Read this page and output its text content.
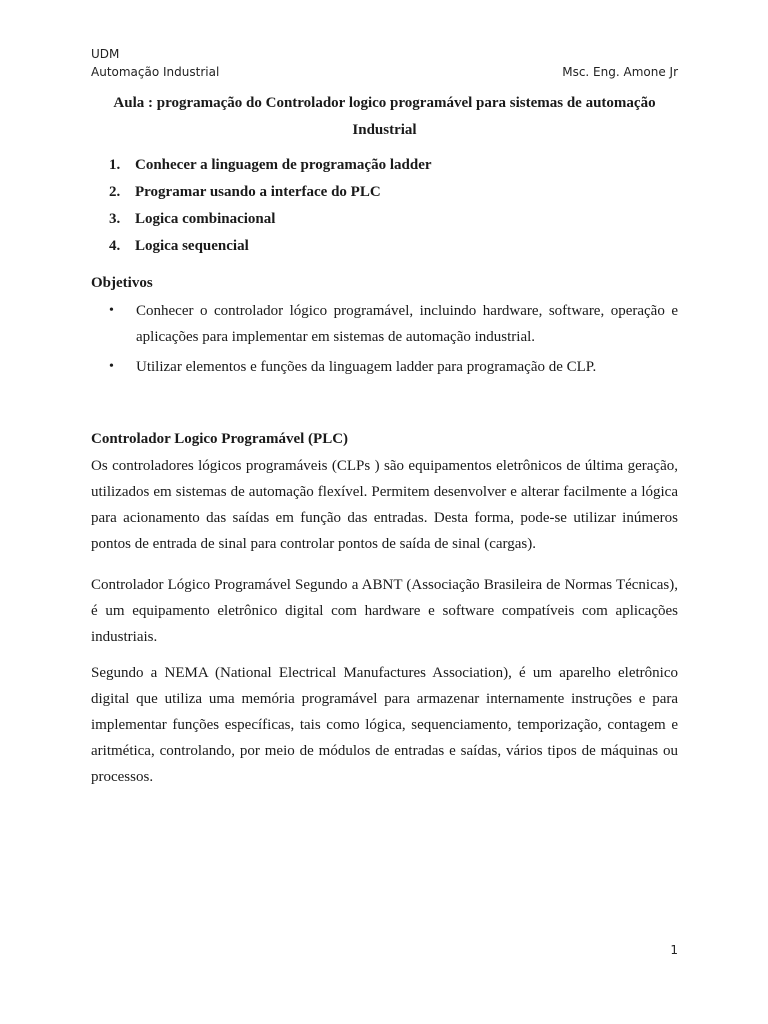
UDM
Automação Industrial	Msc. Eng. Amone Jr
Aula : programação do Controlador logico programável para sistemas de automação Industrial
1. Conhecer a linguagem de programação ladder
2. Programar usando a interface do PLC
3. Logica combinacional
4. Logica sequencial
Objetivos
•	Conhecer o controlador lógico programável, incluindo hardware, software, operação e aplicações para implementar em sistemas de automação industrial.
•	Utilizar elementos e funções da linguagem ladder para programação de CLP.
Controlador Logico Programável (PLC)

Os controladores lógicos programáveis (CLPs ) são equipamentos eletrônicos de última geração, utilizados em sistemas de automação flexível. Permitem desenvolver e alterar facilmente a lógica para acionamento das saídas em função das entradas. Desta forma, pode-se utilizar inúmeros pontos de entrada de sinal para controlar pontos de saída de sinal (cargas).

Controlador Lógico Programável Segundo a ABNT (Associação Brasileira de Normas Técnicas), é um equipamento eletrônico digital com hardware e software compatíveis com aplicações industriais.

Segundo a NEMA (National Electrical Manufactures Association), é um aparelho eletrônico digital que utiliza uma memória programável para armazenar internamente instruções e para implementar funções específicas, tais como lógica, sequenciamento, temporização, contagem e aritmética, controlando, por meio de módulos de entradas e saídas, vários tipos de máquinas ou processos.

1
